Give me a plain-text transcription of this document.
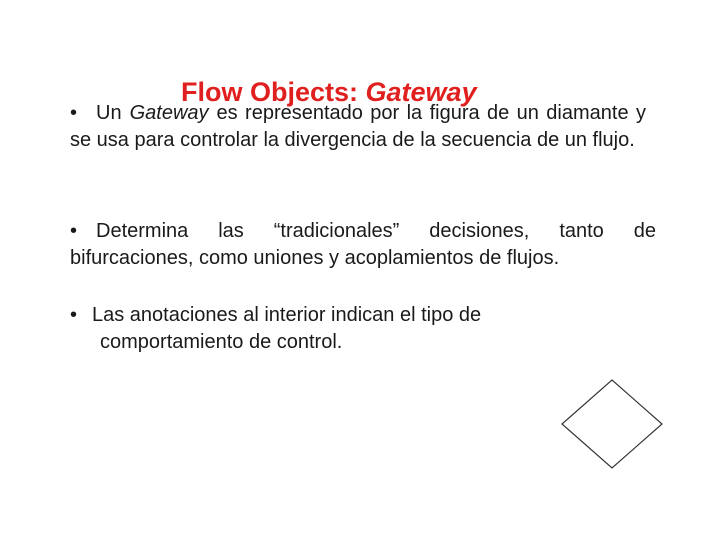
Flow Objects: Gateway
• Un Gateway es representado por la figura de un diamante y se usa para controlar la divergencia de la secuencia de un flujo.
• Determina las “tradicionales” decisiones, tanto de bifurcaciones, como uniones y acoplamientos de flujos.
• Las anotaciones al interior indican el tipo de
comportamiento de control.
